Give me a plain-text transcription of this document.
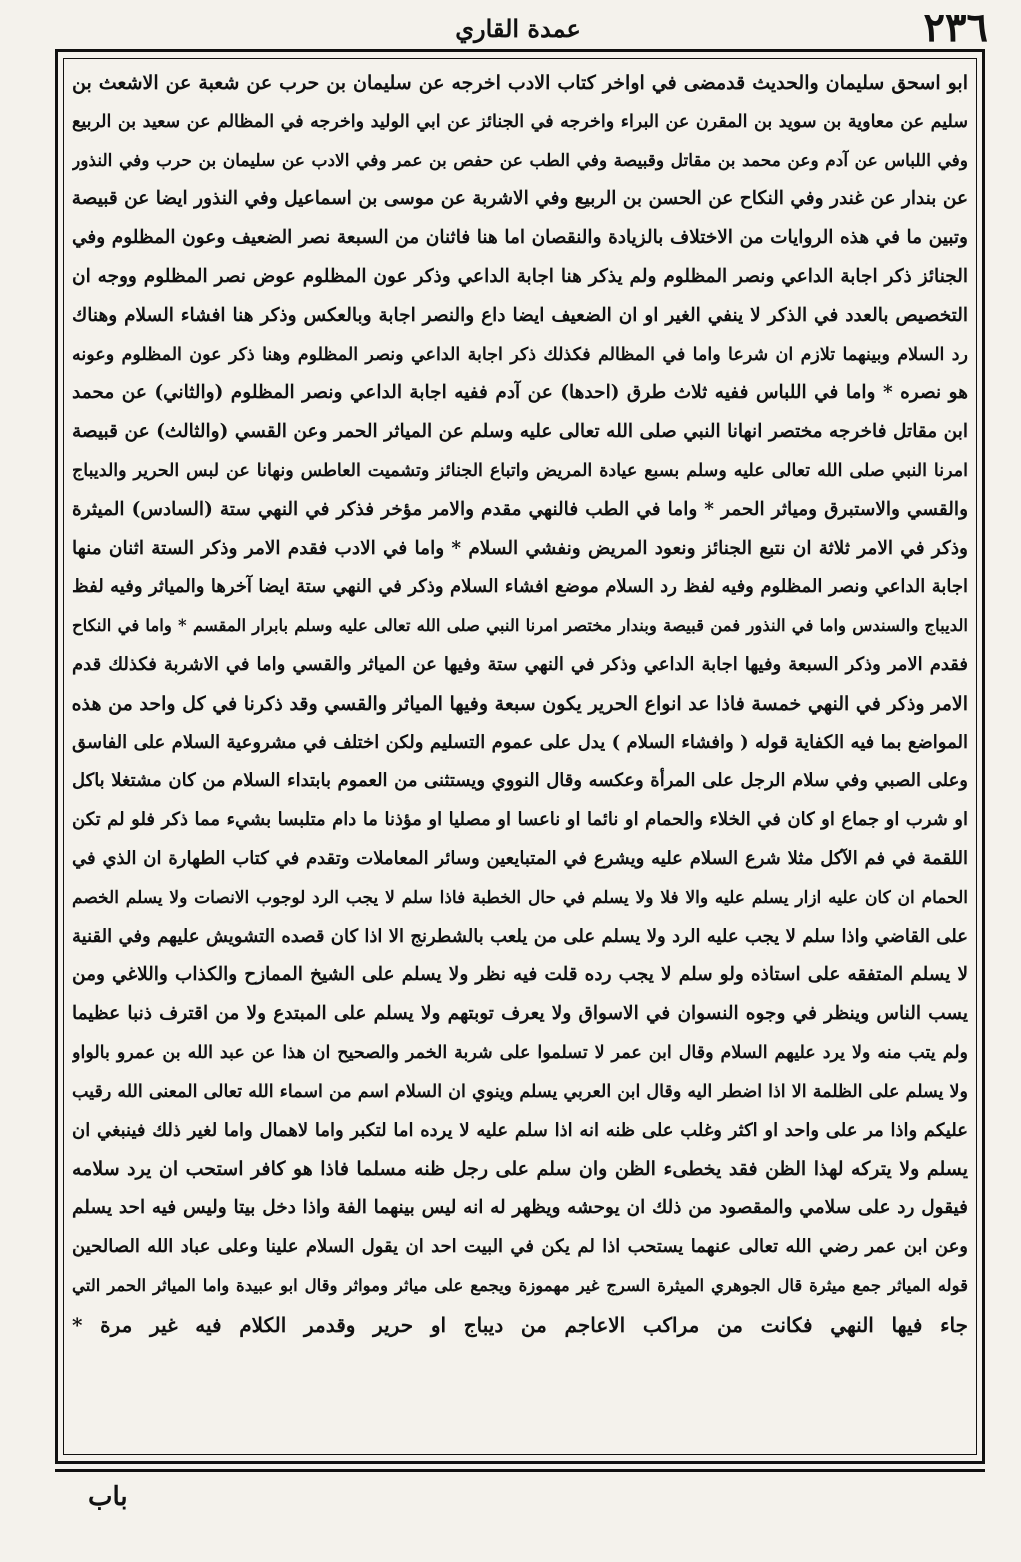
٢٣٦
عمدة القاري
ابو اسحق سليمان والحديث قدمضى في اواخر كتاب الادب اخرجه عن سليمان بن حرب عن شعبة عن الاشعث بن
سليم عن معاوية بن سويد بن المقرن عن البراء واخرجه في الجنائز عن ابي الوليد واخرجه في المظالم عن سعيد بن الربيع
وفي اللباس عن آدم وعن محمد بن مقاتل وقبيصة وفي الطب عن حفص بن عمر وفي الادب عن سليمان بن حرب وفي النذور
عن بندار عن غندر وفي النكاح عن الحسن بن الربيع وفي الاشربة عن موسى بن اسماعيل وفي النذور ايضا عن قبيصة
وتبين ما في هذه الروايات من الاختلاف بالزيادة والنقصان اما هنا فاثنان من السبعة نصر الضعيف وعون المظلوم وفي
الجنائز ذكر اجابة الداعي ونصر المظلوم ولم يذكر هنا اجابة الداعي وذكر عون المظلوم عوض نصر المظلوم ووجه ان
التخصيص بالعدد في الذكر لا ينفي الغير او ان الضعيف ايضا داع والنصر اجابة وبالعكس وذكر هنا افشاء السلام وهناك
رد السلام وبينهما تلازم ان شرعا واما في المظالم فكذلك ذكر اجابة الداعي ونصر المظلوم وهنا ذكر عون المظلوم وعونه
هو نصره * واما في اللباس ففيه ثلاث طرق (احدها) عن آدم ففيه اجابة الداعي ونصر المظلوم (والثاني) عن محمد
ابن مقاتل فاخرجه مختصر انهانا النبي صلى الله تعالى عليه وسلم عن المياثر الحمر وعن القسي (والثالث) عن قبيصة
امرنا النبي صلى الله تعالى عليه وسلم بسبع عيادة المريض واتباع الجنائز وتشميت العاطس ونهانا عن لبس الحرير والديباج
والقسي والاستبرق ومياثر الحمر * واما في الطب فالنهي مقدم والامر مؤخر فذكر في النهي ستة (السادس) الميثرة
وذكر في الامر ثلاثة ان نتبع الجنائز ونعود المريض ونفشي السلام * واما في الادب فقدم الامر وذكر الستة اثنان منها
اجابة الداعي ونصر المظلوم وفيه لفظ رد السلام موضع افشاء السلام وذكر في النهي ستة ايضا آخرها والمياثر وفيه لفظ
الديباج والسندس واما في النذور فمن قبيصة وبندار مختصر امرنا النبي صلى الله تعالى عليه وسلم بابرار المقسم * واما في النكاح
فقدم الامر وذكر السبعة وفيها اجابة الداعي وذكر في النهي ستة وفيها عن المياثر والقسي واما في الاشربة فكذلك قدم
الامر وذكر في النهي خمسة فاذا عد انواع الحرير يكون سبعة وفيها المياثر والقسي وقد ذكرنا في كل واحد من هذه
المواضع بما فيه الكفاية قوله ( وافشاء السلام ) يدل على عموم التسليم ولكن اختلف في مشروعية السلام على الفاسق
وعلى الصبي وفي سلام الرجل على المرأة وعكسه وقال النووي ويستثنى من العموم بابتداء السلام من كان مشتغلا باكل
او شرب او جماع او كان في الخلاء والحمام او نائما او ناعسا او مصليا او مؤذنا ما دام متلبسا بشيء مما ذكر فلو لم تكن
اللقمة في فم الآكل مثلا شرع السلام عليه ويشرع في المتبايعين وسائر المعاملات وتقدم في كتاب الطهارة ان الذي في
الحمام ان كان عليه ازار يسلم عليه والا فلا ولا يسلم في حال الخطبة فاذا سلم لا يجب الرد لوجوب الانصات ولا يسلم الخصم
على القاضي واذا سلم لا يجب عليه الرد ولا يسلم على من يلعب بالشطرنج الا اذا كان قصده التشويش عليهم وفي القنية
لا يسلم المتفقه على استاذه ولو سلم لا يجب رده قلت فيه نظر ولا يسلم على الشيخ الممازح والكذاب واللاغي ومن
يسب الناس وينظر في وجوه النسوان في الاسواق ولا يعرف توبتهم ولا يسلم على المبتدع ولا من اقترف ذنبا عظيما
ولم يتب منه ولا يرد عليهم السلام وقال ابن عمر لا تسلموا على شربة الخمر والصحيح ان هذا عن عبد الله بن عمرو بالواو
ولا يسلم على الظلمة الا اذا اضطر اليه وقال ابن العربي يسلم وينوي ان السلام اسم من اسماء الله تعالى المعنى الله رقيب
عليكم واذا مر على واحد او اكثر وغلب على ظنه انه اذا سلم عليه لا يرده اما لتكبر واما لاهمال واما لغير ذلك فينبغي ان
يسلم ولا يتركه لهذا الظن فقد يخطىء الظن وان سلم على رجل ظنه مسلما فاذا هو كافر استحب ان يرد سلامه
فيقول رد على سلامي والمقصود من ذلك ان يوحشه ويظهر له انه ليس بينهما الفة واذا دخل بيتا وليس فيه احد يسلم
وعن ابن عمر رضي الله تعالى عنهما يستحب اذا لم يكن في البيت احد ان يقول السلام علينا وعلى عباد الله الصالحين
قوله المياثر جمع ميثرة قال الجوهري الميثرة السرج غير مهموزة ويجمع على مياثر ومواثر وقال ابو عبيدة واما المياثر الحمر التي
جاء فيها النهي فكانت من مراكب الاعاجم من ديباج او حرير وقدمر الكلام فيه غير مرة *
باب
